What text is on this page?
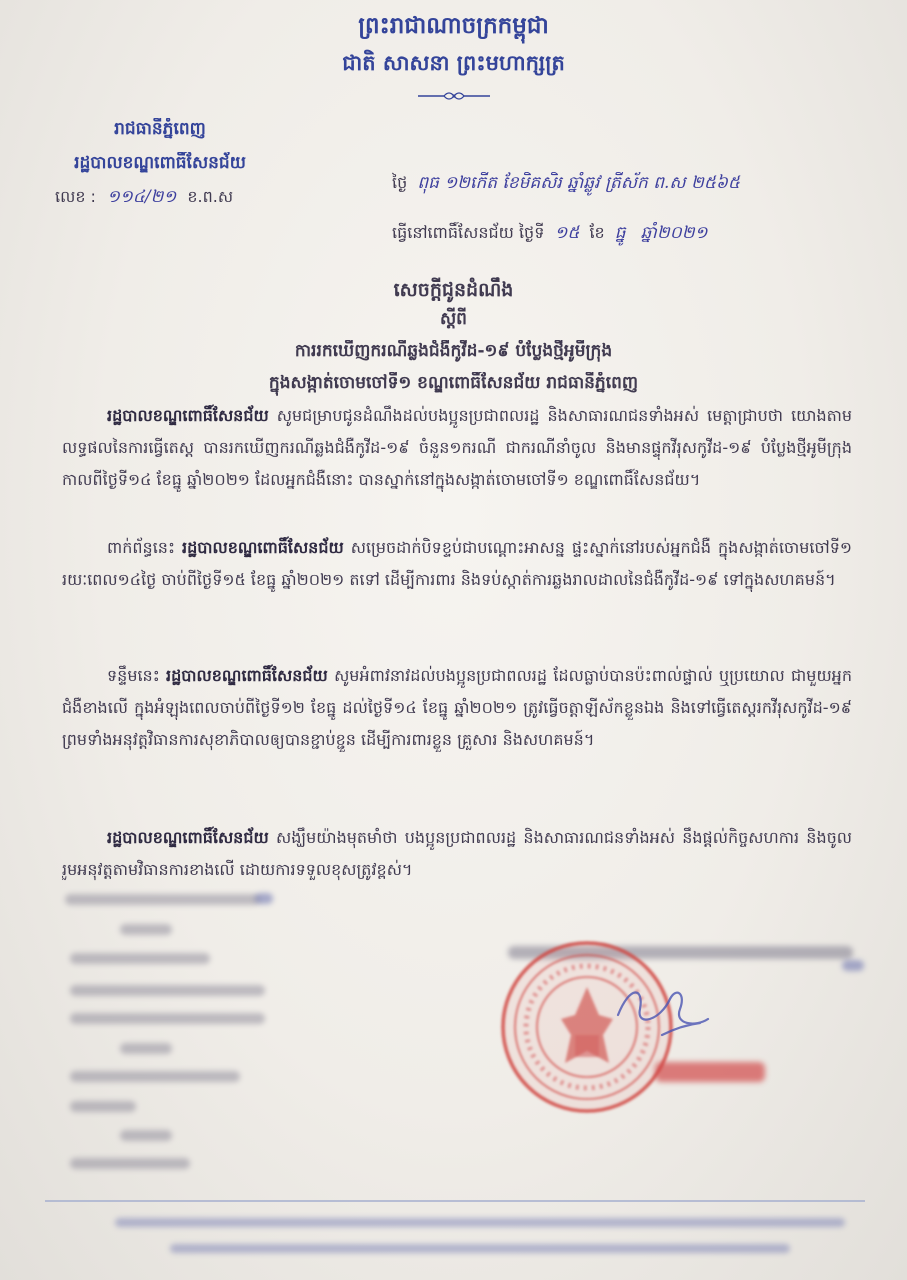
ព្រះរាជាណាចក្រកម្ពុជា
ជាតិ សាសនា ព្រះមហាក្សត្រ
រាជធានីភ្នំពេញ
រដ្ឋបាលខណ្ឌពោធិ៍សែនជ័យ
លេខ : ១១៤/២១ ខ.ព.ស
ថ្ងៃ ពុធ ១២កើត ខែមិគសិរ ឆ្នាំឆ្លូវ ត្រីស័ក ព.ស ២៥៦៥
ធ្វើនៅពោធិ៍សែនជ័យ ថ្ងៃទី ១៥ ខែ ធ្នូ ឆ្នាំ២០២១
សេចក្ដីជូនដំណឹង
ស្ដីពី
ការរកឃើញករណីឆ្លងជំងឺកូវីដ-១៩ បំប្លែងថ្មីអូមីក្រុង
ក្នុងសង្កាត់ចោមចៅទី១ ខណ្ឌពោធិ៍សែនជ័យ រាជធានីភ្នំពេញ

រដ្ឋបាលខណ្ឌពោធិ៍សែនជ័យ សូមជម្រាបជូនដំណឹងដល់បងប្អូនប្រជាពលរដ្ឋ និងសាធារណជនទាំងអស់ មេត្តាជ្រាបថា យោងតាមលទ្ធផលនៃការធ្វើតេស្ត បានរកឃើញករណីឆ្លងជំងឺកូវីដ-១៩ ចំនួន១ករណី ជាករណីនាំចូល និងមានផ្ទុកវីរុសកូវីដ-១៩ បំប្លែងថ្មីអូមីក្រុង កាលពីថ្ងៃទី១៤ ខែធ្នូ ឆ្នាំ២០២១ ដែលអ្នកជំងឺនោះ បានស្នាក់នៅក្នុងសង្កាត់ចោមចៅទី១ ខណ្ឌពោធិ៍សែនជ័យ។

ពាក់ព័ន្ធនេះ រដ្ឋបាលខណ្ឌពោធិ៍សែនជ័យ សម្រេចដាក់បិទខ្ទប់ជាបណ្ដោះអាសន្ន ផ្ទះស្នាក់នៅរបស់អ្នកជំងឺ ក្នុងសង្កាត់ចោមចៅទី១ រយៈពេល១៤ថ្ងៃ ចាប់ពីថ្ងៃទី១៥ ខែធ្នូ ឆ្នាំ២០២១ តទៅ ដើម្បីការពារ និងទប់ស្កាត់ការឆ្លងរាលដាលនៃជំងឺកូវីដ-១៩ ទៅក្នុងសហគមន៍។

ទន្ទឹមនេះ រដ្ឋបាលខណ្ឌពោធិ៍សែនជ័យ សូមអំពាវនាវដល់បងប្អូនប្រជាពលរដ្ឋ ដែលធ្លាប់បានប៉ះពាល់ផ្ទាល់ ឬប្រយោល ជាមួយអ្នកជំងឺខាងលើ ក្នុងអំឡុងពេលចាប់ពីថ្ងៃទី១២ ខែធ្នូ ដល់ថ្ងៃទី១៤ ខែធ្នូ ឆ្នាំ២០២១ ត្រូវធ្វើចត្តាឡីស័កខ្លួនឯង និងទៅធ្វើតេស្តរកវីរុសកូវីដ-១៩ ព្រមទាំងអនុវត្តវិធានការសុខាភិបាលឲ្យបានខ្ជាប់ខ្ជួន ដើម្បីការពារខ្លួន គ្រួសារ និងសហគមន៍។

រដ្ឋបាលខណ្ឌពោធិ៍សែនជ័យ សង្ឃឹមយ៉ាងមុតមាំថា បងប្អូនប្រជាពលរដ្ឋ និងសាធារណជនទាំងអស់ នឹងផ្ដល់កិច្ចសហការ និងចូលរួមអនុវត្តតាមវិធានការខាងលើ ដោយការទទួលខុសត្រូវខ្ពស់។
